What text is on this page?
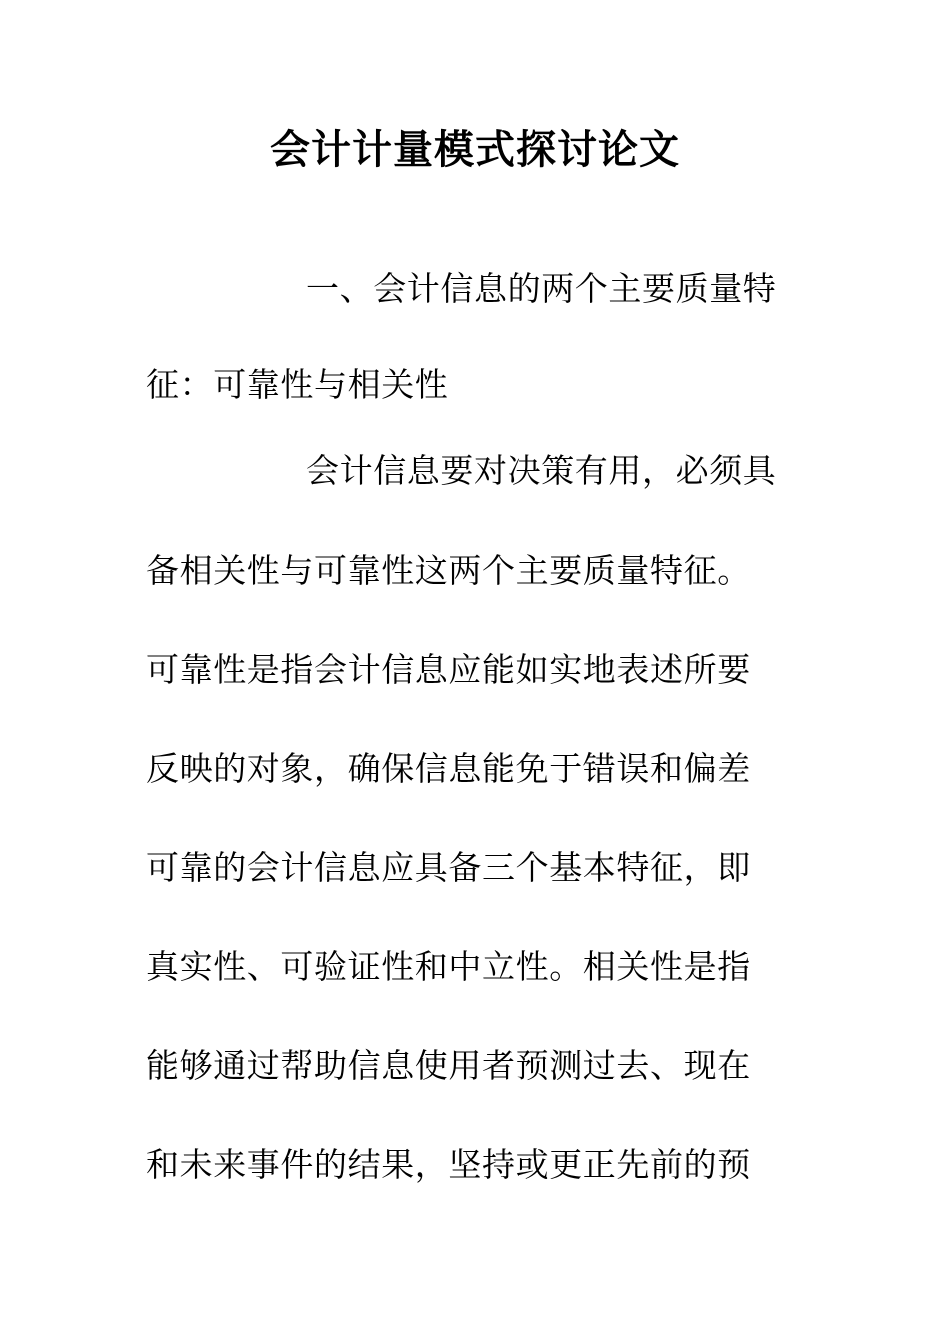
会计计量模式探讨论文
一、会计信息的两个主要质量特
征：可靠性与相关性
会计信息要对决策有用，必须具
备相关性与可靠性这两个主要质量特征。
可靠性是指会计信息应能如实地表述所要
反映的对象，确保信息能免于错误和偏差
可靠的会计信息应具备三个基本特征，即
真实性、可验证性和中立性。相关性是指
能够通过帮助信息使用者预测过去、现在
和未来事件的结果，坚持或更正先前的预
